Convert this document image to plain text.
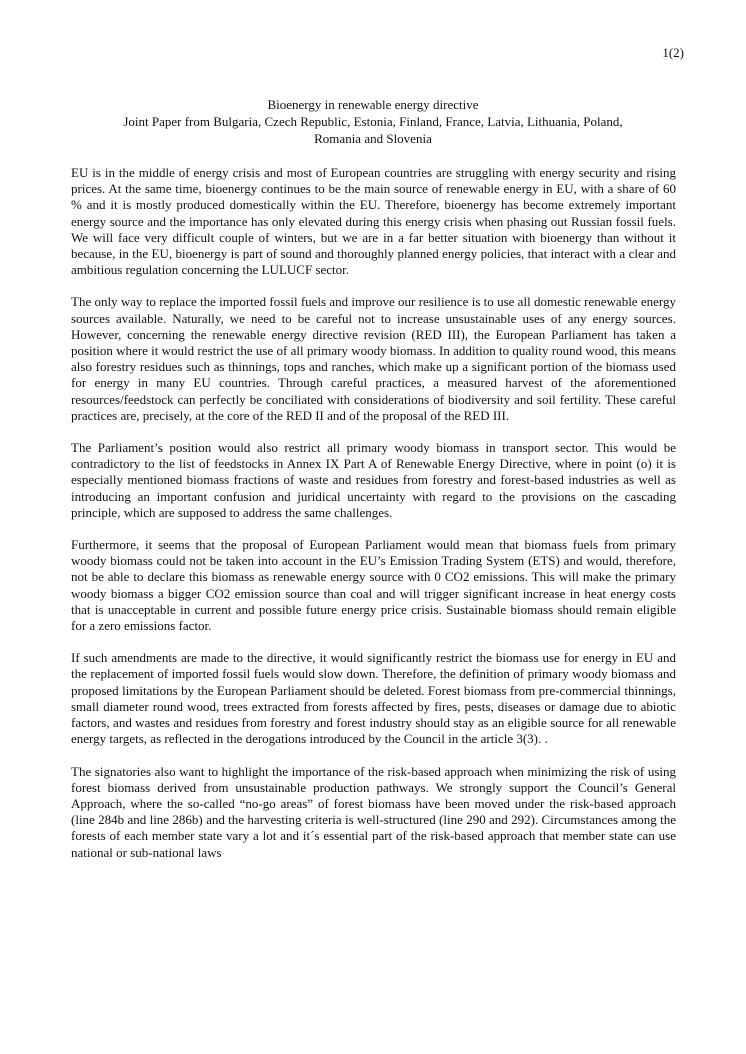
1(2)
Bioenergy in renewable energy directive
Joint Paper from Bulgaria, Czech Republic, Estonia, Finland, France, Latvia, Lithuania, Poland,
Romania and Slovenia

EU is in the middle of energy crisis and most of European countries are struggling with energy security and rising prices. At the same time, bioenergy continues to be the main source of renewable energy in EU, with a share of 60 % and it is mostly produced domestically within the EU. Therefore, bioenergy has become extremely important energy source and the importance has only elevated during this energy crisis when phasing out Russian fossil fuels. We will face very difficult couple of winters, but we are in a far better situation with bioenergy than without it because, in the EU, bioenergy is part of sound and thoroughly planned energy policies, that interact with a clear and ambitious regulation concerning the LULUCF sector.

The only way to replace the imported fossil fuels and improve our resilience is to use all domestic renewable energy sources available. Naturally, we need to be careful not to increase unsustainable uses of any energy sources. However, concerning the renewable energy directive revision (RED III), the European Parliament has taken a position where it would restrict the use of all primary woody biomass. In addition to quality round wood, this means also forestry residues such as thinnings, tops and ranches, which make up a significant portion of the biomass used for energy in many EU countries. Through careful practices, a measured harvest of the aforementioned resources/feedstock can perfectly be conciliated with considerations of biodiversity and soil fertility. These careful practices are, precisely, at the core of the RED II and of the proposal of the RED III.

The Parliament’s position would also restrict all primary woody biomass in transport sector. This would be contradictory to the list of feedstocks in Annex IX Part A of Renewable Energy Directive, where in point (o) it is especially mentioned biomass fractions of waste and residues from forestry and forest-based industries as well as introducing an important confusion and juridical uncertainty with regard to the provisions on the cascading principle, which are supposed to address the same challenges.

Furthermore, it seems that the proposal of European Parliament would mean that biomass fuels from primary woody biomass could not be taken into account in the EU’s Emission Trading System (ETS) and would, therefore, not be able to declare this biomass as renewable energy source with 0 CO2 emissions. This will make the primary woody biomass a bigger CO2 emission source than coal and will trigger significant increase in heat energy costs that is unacceptable in current and possible future energy price crisis. Sustainable biomass should remain eligible for a zero emissions factor.

If such amendments are made to the directive, it would significantly restrict the biomass use for energy in EU and the replacement of imported fossil fuels would slow down. Therefore, the definition of primary woody biomass and proposed limitations by the European Parliament should be deleted. Forest biomass from pre-commercial thinnings, small diameter round wood, trees extracted from forests affected by fires, pests, diseases or damage due to abiotic factors, and wastes and residues from forestry and forest industry should stay as an eligible source for all renewable energy targets, as reflected in the derogations introduced by the Council in the article 3(3). .

The signatories also want to highlight the importance of the risk-based approach when minimizing the risk of using forest biomass derived from unsustainable production pathways. We strongly support the Council’s General Approach, where the so-called “no-go areas” of forest biomass have been moved under the risk-based approach (line 284b and line 286b) and the harvesting criteria is well-structured (line 290 and 292). Circumstances among the forests of each member state vary a lot and it´s essential part of the risk-based approach that member state can use national or sub-national laws
